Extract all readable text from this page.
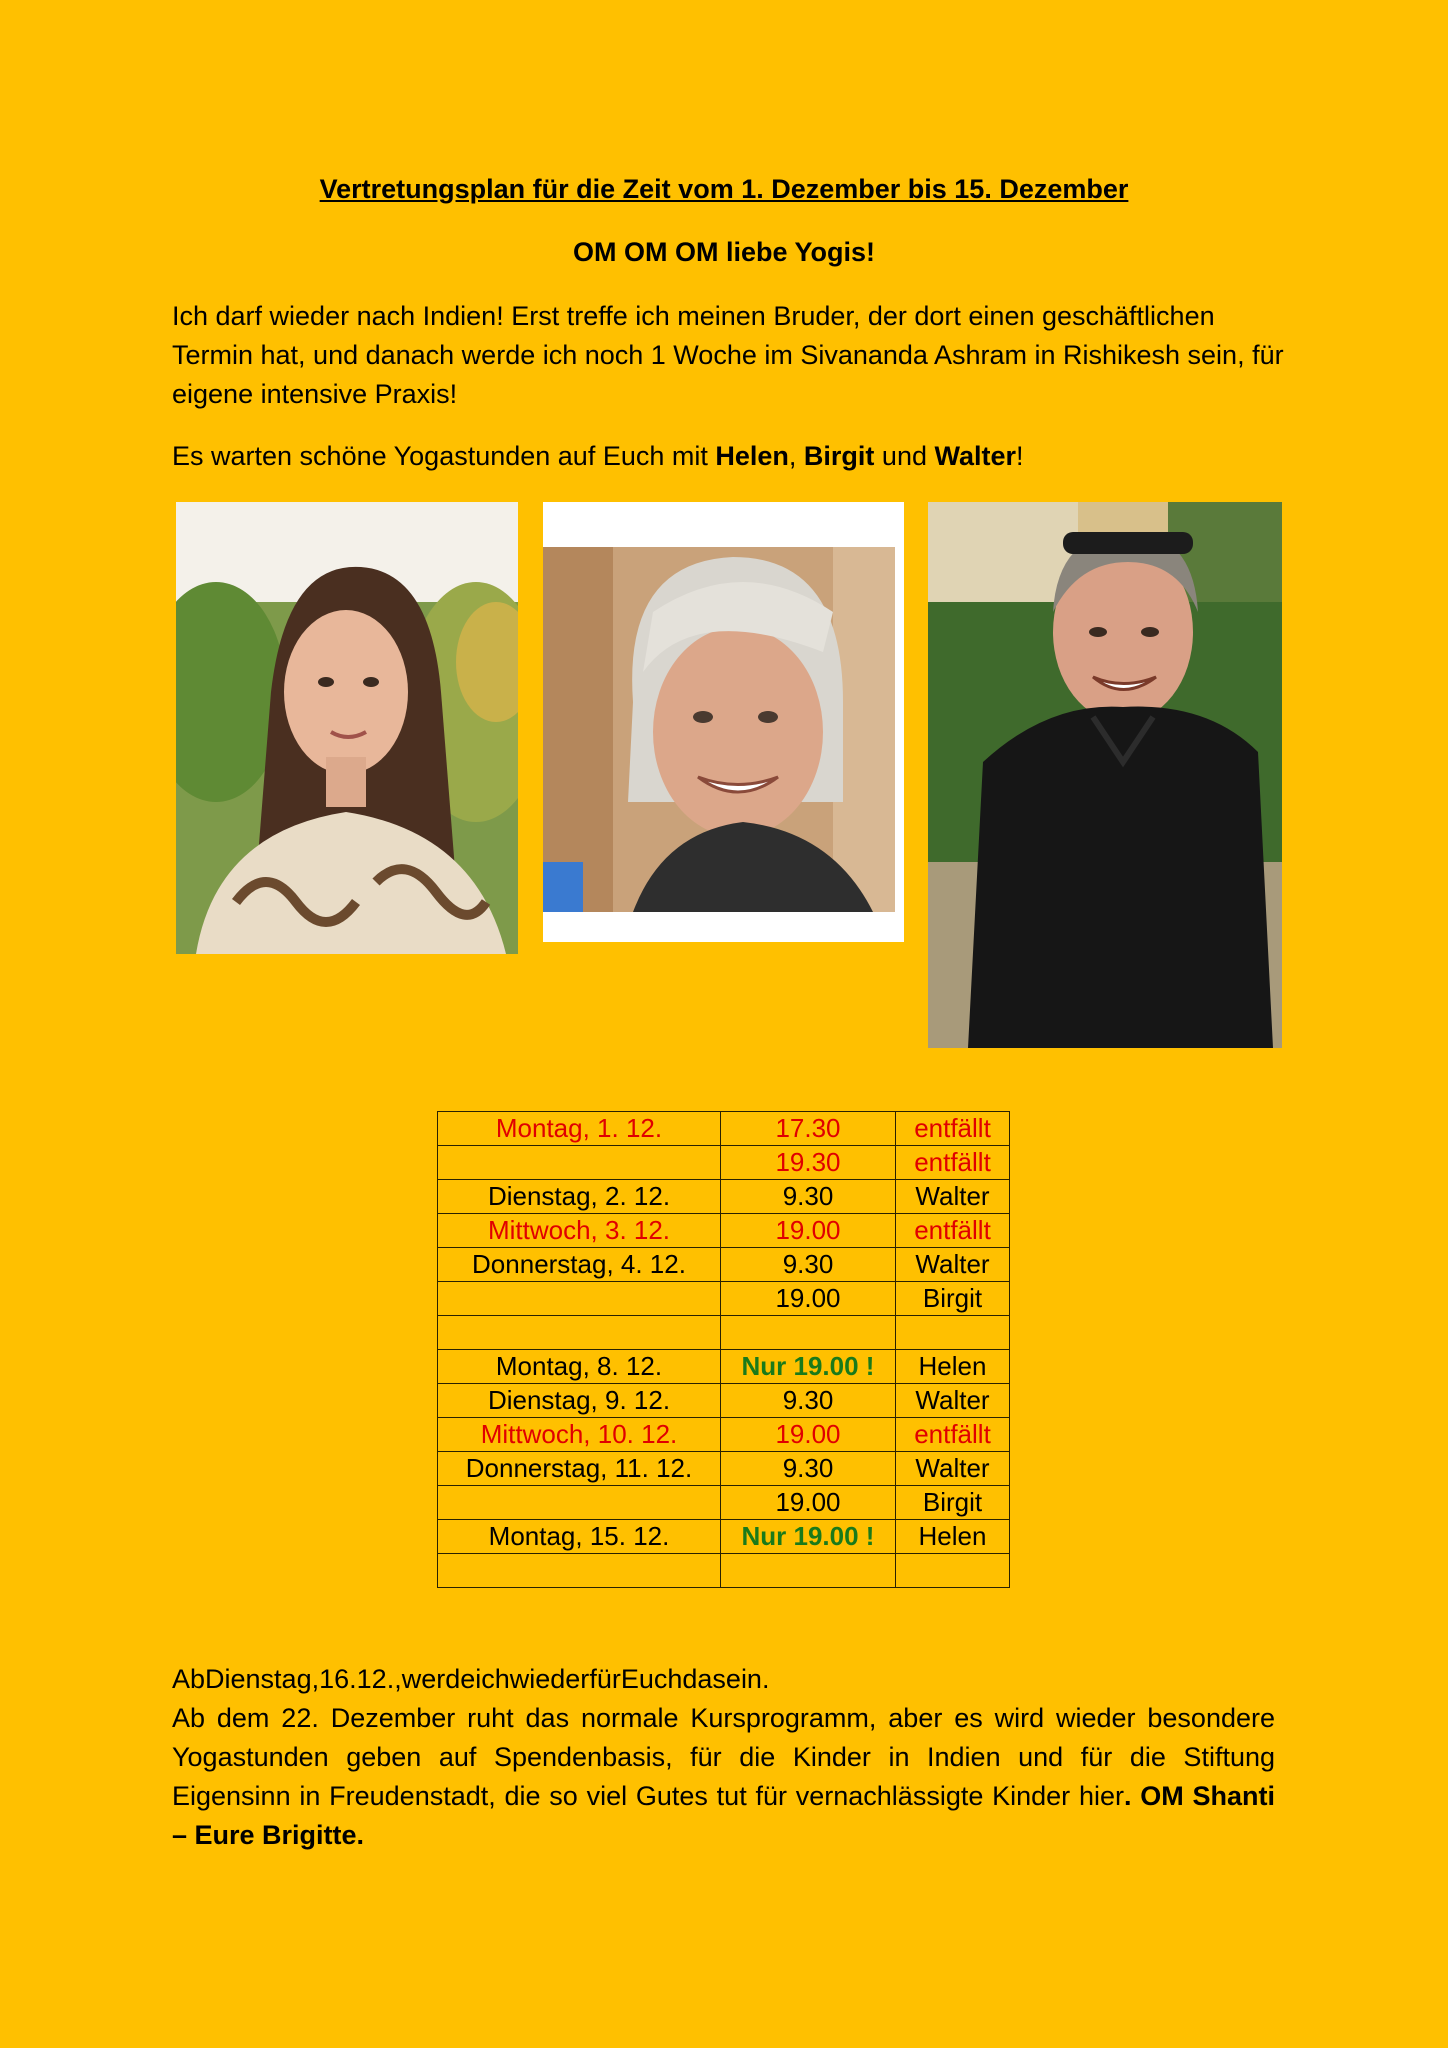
Vertretungsplan für die Zeit vom 1. Dezember bis 15. Dezember
OM OM OM liebe Yogis!
Ich darf wieder nach Indien! Erst treffe ich meinen Bruder, der dort einen geschäftlichen Termin hat, und danach werde ich noch 1 Woche im Sivananda Ashram in Rishikesh sein, für eigene intensive Praxis!
Es warten schöne Yogastunden auf Euch mit Helen, Birgit und Walter!
Montag, 1. 12.	17.30	entfällt
	19.30	entfällt
Dienstag, 2. 12.	9.30	Walter
Mittwoch, 3. 12.	19.00	entfällt
Donnerstag, 4. 12.	9.30	Walter
	19.00	Birgit

Montag, 8. 12.	Nur 19.00 !	Helen
Dienstag, 9. 12.	9.30	Walter
Mittwoch, 10. 12.	19.00	entfällt
Donnerstag, 11. 12.	9.30	Walter
	19.00	Birgit
Montag, 15. 12.	Nur 19.00 !	Helen

AbDienstag,16.12.,werdeichwiederfürEuchdasein.
Ab dem 22. Dezember ruht das normale Kursprogramm, aber es wird wieder besondere Yogastunden geben auf Spendenbasis, für die Kinder in Indien und für die Stiftung Eigensinn in Freudenstadt, die so viel Gutes tut für vernachlässigte Kinder hier. OM Shanti – Eure Brigitte.
